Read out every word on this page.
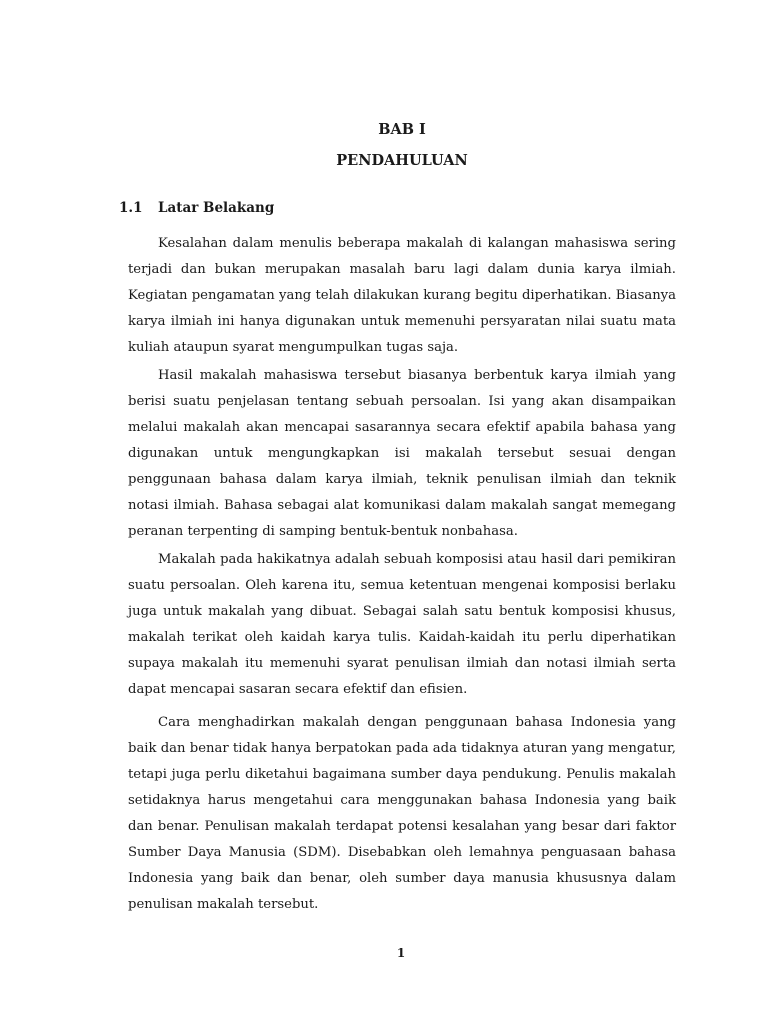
BAB I
PENDAHULUAN
1.1 Latar Belakang

Kesalahan dalam menulis beberapa makalah di kalangan mahasiswa sering terjadi dan bukan merupakan masalah baru lagi dalam dunia karya ilmiah. Kegiatan pengamatan yang telah dilakukan kurang begitu diperhatikan. Biasanya karya ilmiah ini hanya digunakan untuk memenuhi persyaratan nilai suatu mata kuliah ataupun syarat mengumpulkan tugas saja.

Hasil makalah mahasiswa tersebut biasanya berbentuk karya ilmiah yang berisi suatu penjelasan tentang sebuah persoalan. Isi yang akan disampaikan melalui makalah akan mencapai sasarannya secara efektif apabila bahasa yang digunakan untuk mengungkapkan isi makalah tersebut sesuai dengan penggunaan bahasa dalam karya ilmiah, teknik penulisan ilmiah dan teknik notasi ilmiah. Bahasa sebagai alat komunikasi dalam makalah sangat memegang peranan terpenting di samping bentuk-bentuk nonbahasa.

Makalah pada hakikatnya adalah sebuah komposisi atau hasil dari pemikiran suatu persoalan. Oleh karena itu, semua ketentuan mengenai komposisi berlaku juga untuk makalah yang dibuat. Sebagai salah satu bentuk komposisi khusus, makalah terikat oleh kaidah karya tulis. Kaidah-kaidah itu perlu diperhatikan supaya makalah itu memenuhi syarat penulisan ilmiah dan notasi ilmiah serta dapat mencapai sasaran secara efektif dan efisien.

Cara menghadirkan makalah dengan penggunaan bahasa Indonesia yang baik dan benar tidak hanya berpatokan pada ada tidaknya aturan yang mengatur, tetapi juga perlu diketahui bagaimana sumber daya pendukung. Penulis makalah setidaknya harus mengetahui cara menggunakan bahasa Indonesia yang baik dan benar. Penulisan makalah terdapat potensi kesalahan yang besar dari faktor Sumber Daya Manusia (SDM). Disebabkan oleh lemahnya penguasaan bahasa Indonesia yang baik dan benar, oleh sumber daya manusia khususnya dalam penulisan makalah tersebut.

1
